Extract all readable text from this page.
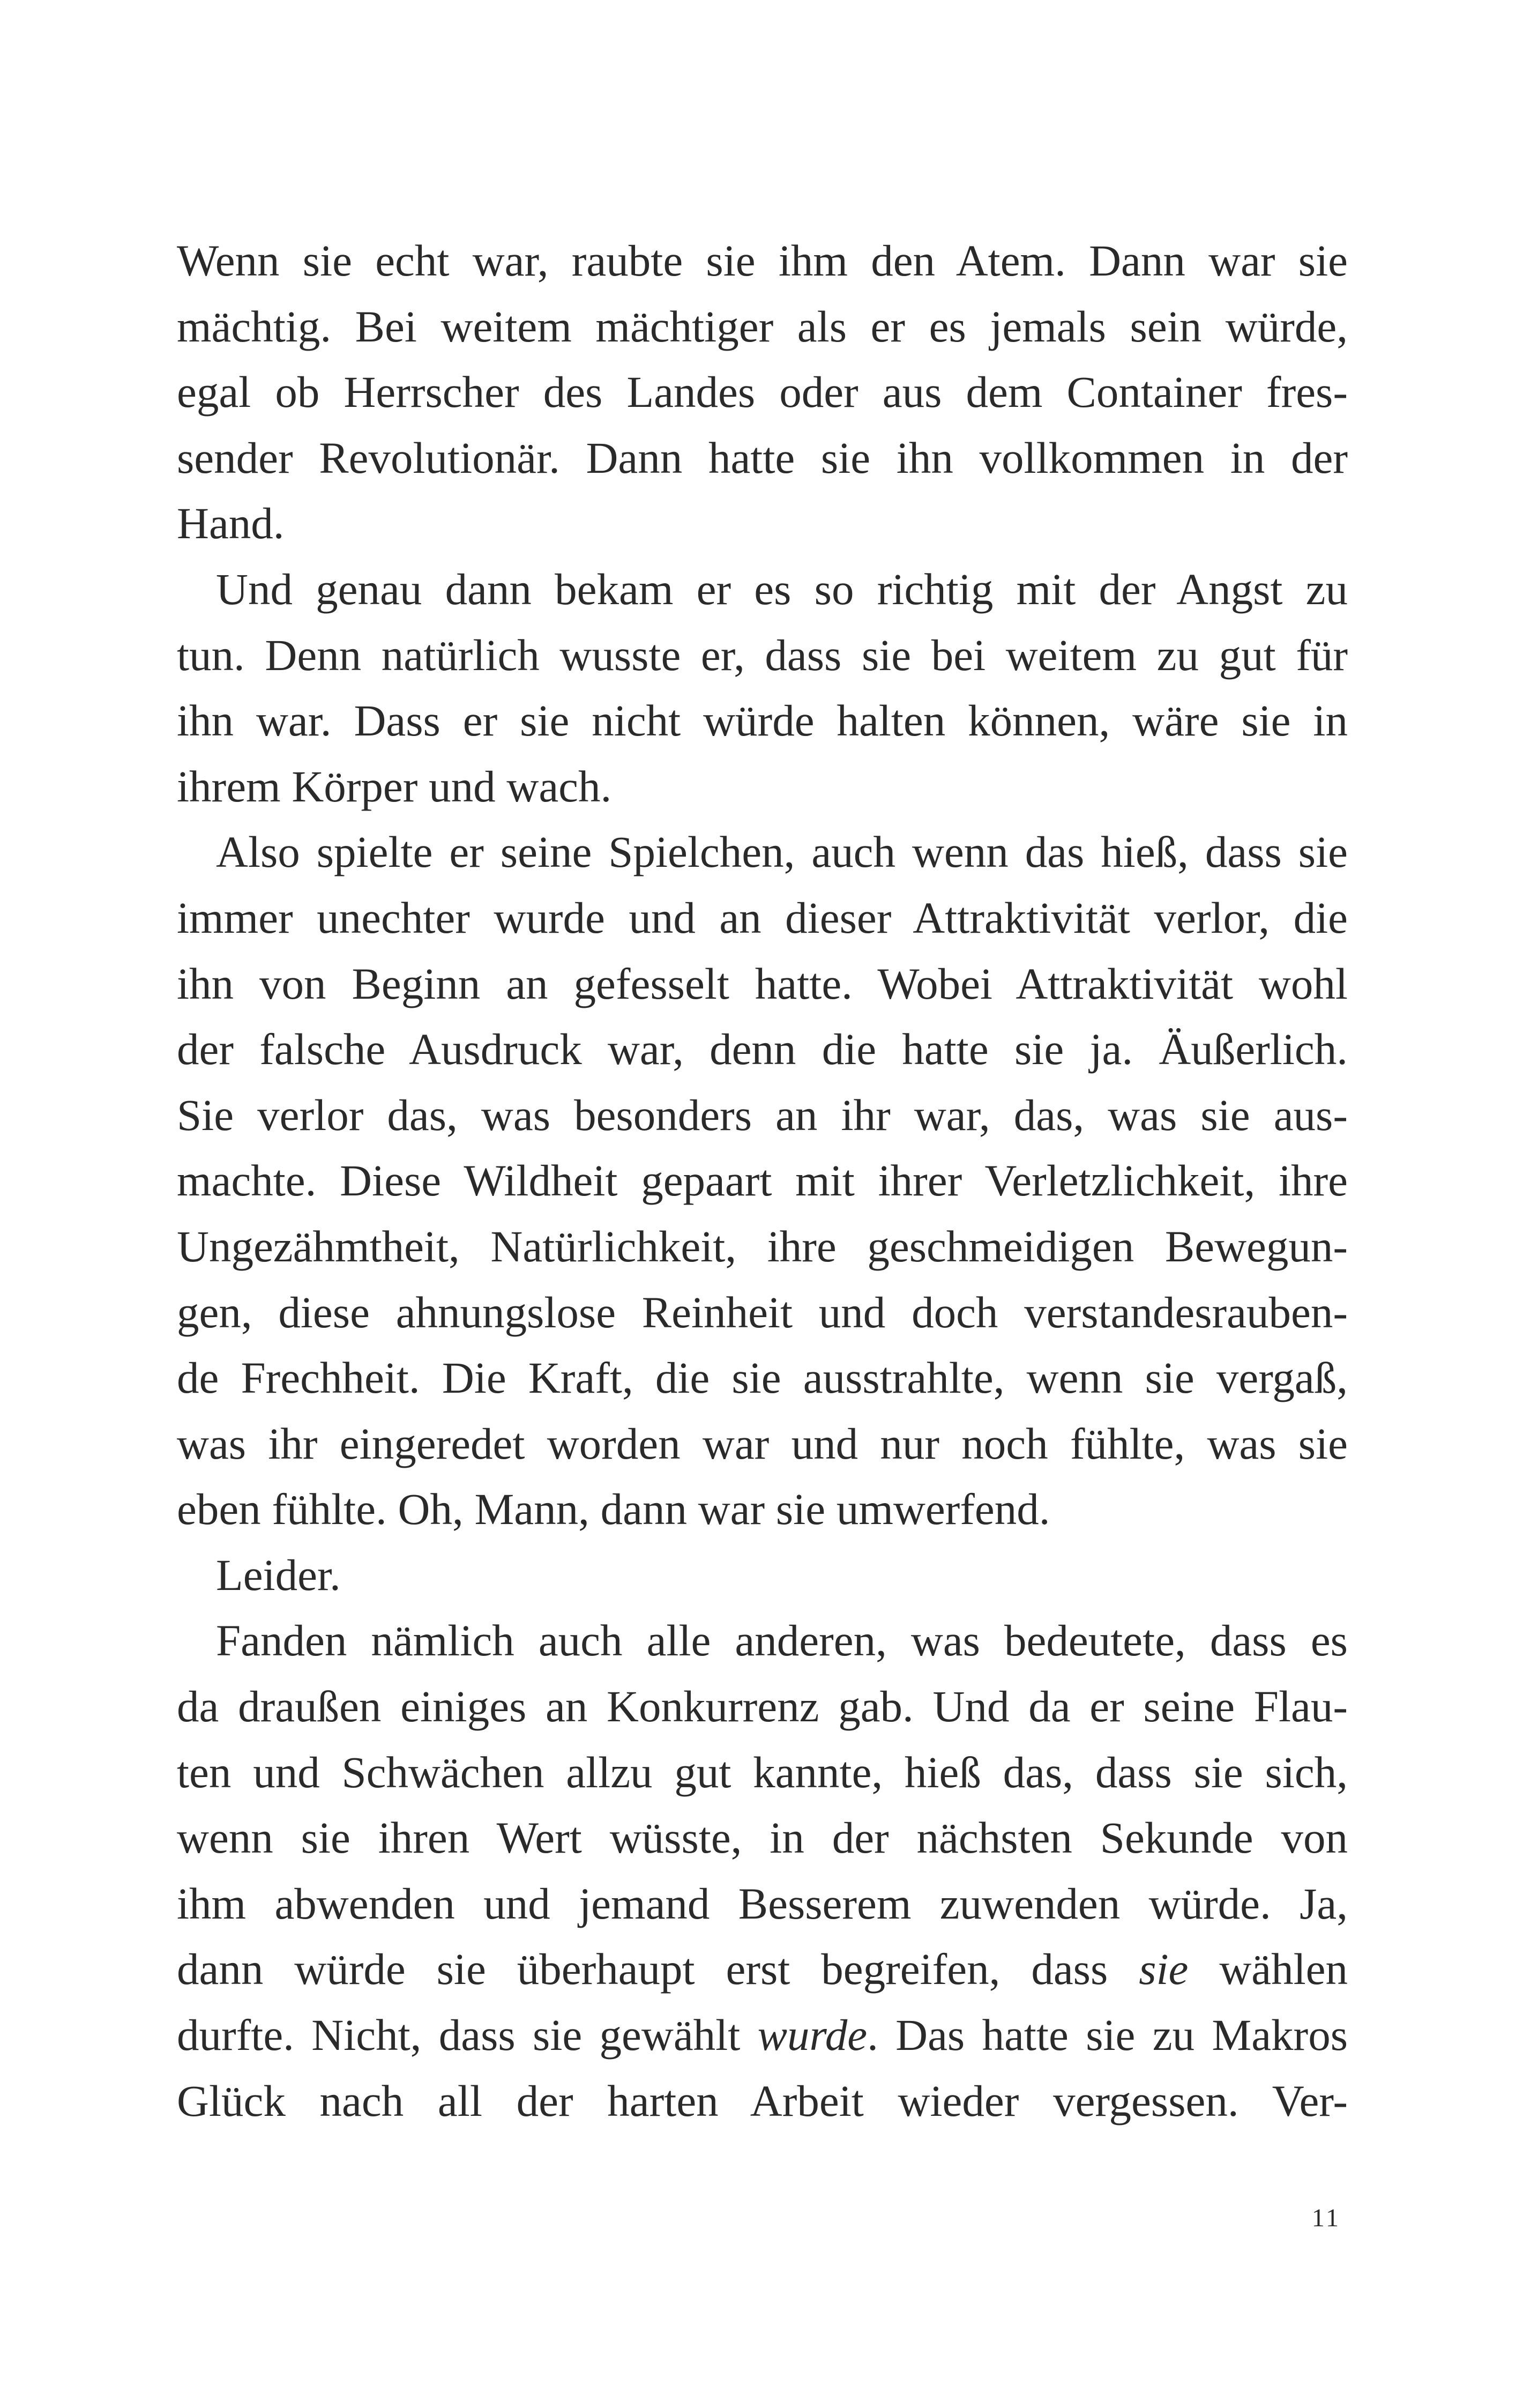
Wenn sie echt war, raubte sie ihm den Atem. Dann war sie

mächtig. Bei weitem mächtiger als er es jemals sein würde,

egal ob Herrscher des Landes oder aus dem Container fres-

sender Revolutionär. Dann hatte sie ihn vollkommen in der

Hand.

Und genau dann bekam er es so richtig mit der Angst zu

tun. Denn natürlich wusste er, dass sie bei weitem zu gut für

ihn war. Dass er sie nicht würde halten können, wäre sie in

ihrem Körper und wach.

Also spielte er seine Spielchen, auch wenn das hieß, dass sie

immer unechter wurde und an dieser Attraktivität verlor, die

ihn von Beginn an gefesselt hatte. Wobei Attraktivität wohl

der falsche Ausdruck war, denn die hatte sie ja. Äußerlich.

Sie verlor das, was besonders an ihr war, das, was sie aus-

machte. Diese Wildheit gepaart mit ihrer Verletzlichkeit, ihre

Ungezähmtheit, Natürlichkeit, ihre geschmeidigen Bewegun-

gen, diese ahnungslose Reinheit und doch verstandesrauben-

de Frechheit. Die Kraft, die sie ausstrahlte, wenn sie vergaß,

was ihr eingeredet worden war und nur noch fühlte, was sie

eben fühlte. Oh, Mann, dann war sie umwerfend.

Leider.

Fanden nämlich auch alle anderen, was bedeutete, dass es

da draußen einiges an Konkurrenz gab. Und da er seine Flau-

ten und Schwächen allzu gut kannte, hieß das, dass sie sich,

wenn sie ihren Wert wüsste, in der nächsten Sekunde von

ihm abwenden und jemand Besserem zuwenden würde. Ja,

dann würde sie überhaupt erst begreifen, dass sie wählen

durfte. Nicht, dass sie gewählt wurde. Das hatte sie zu Makros

Glück nach all der harten Arbeit wieder vergessen. Ver-

11
